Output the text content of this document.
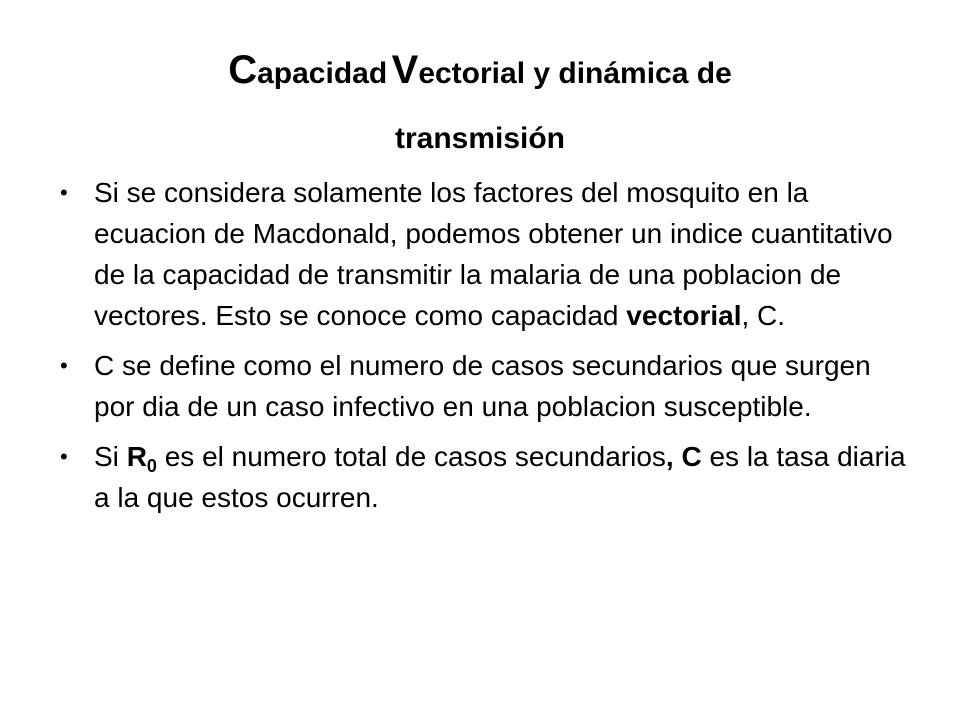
Capacidad Vectorial y dinámica de
transmisión
• Si se considera solamente los factores del mosquito en la ecuacion de Macdonald, podemos obtener un indice cuantitativo de la capacidad de transmitir la malaria de una poblacion de vectores. Esto se conoce como capacidad vectorial, C.
• C se define como el numero de casos secundarios que surgen por dia de un caso infectivo en una poblacion susceptible.
• Si $R_0$ es el numero total de casos secundarios, C es la tasa diaria a la que estos ocurren.
